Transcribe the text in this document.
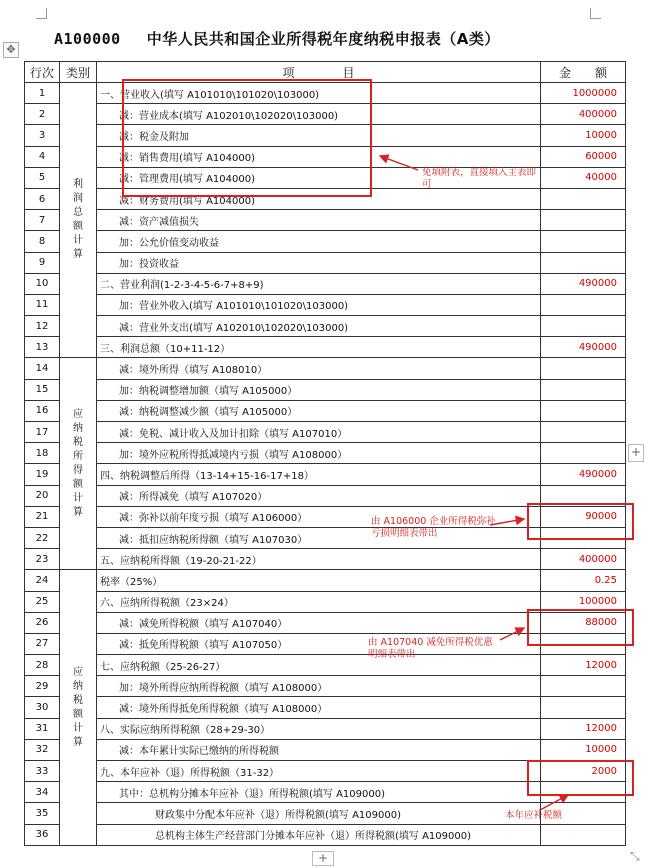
✥
A100000 中华人民共和国企业所得税年度纳税申报表（A类）
行次	类别	项　　　　目	金　　额
1	利润总额计算	一、营业收入(填写 A101010\101020\103000)	1000000
2		减：营业成本(填写 A102010\102020\103000)	400000
3		减：税金及附加	10000
4		减：销售费用(填写 A104000)	60000
5		减：管理费用(填写 A104000)	40000
6		减：财务费用(填写 A104000)	
7		减：资产减值损失	
8		加：公允价值变动收益	
9		加：投资收益	
10		二、营业利润(1-2-3-4-5-6-7+8+9)	490000
11		加：营业外收入(填写 A101010\101020\103000)	
12		减：营业外支出(填写 A102010\102020\103000)	
13		三、利润总额（10+11-12）	490000
14	应纳税所得额计算	减：境外所得（填写 A108010）	
15		加：纳税调整增加额（填写 A105000）	
16		减：纳税调整减少额（填写 A105000）	
17		减：免税、减计收入及加计扣除（填写 A107010）	
18		加：境外应税所得抵减境内亏损（填写 A108000）	
19		四、纳税调整后所得（13-14+15-16-17+18）	490000
20		减：所得减免（填写 A107020）	
21		减：弥补以前年度亏损（填写 A106000）	90000
22		减：抵扣应纳税所得额（填写 A107030）	
23		五、应纳税所得额（19-20-21-22）	400000
24	应纳税额计算	税率（25%）	0.25
25		六、应纳所得税额（23×24）	100000
26		减：减免所得税额（填写 A107040）	88000
27		减：抵免所得税额（填写 A107050）	
28		七、应纳税额（25-26-27）	12000
29		加：境外所得应纳所得税额（填写 A108000）	
30		减：境外所得抵免所得税额（填写 A108000）	
31		八、实际应纳所得税额（28+29-30）	12000
32		减：本年累计实际已缴纳的所得税额	10000
33		九、本年应补（退）所得税额（31-32）	2000
34		其中：总机构分摊本年应补（退）所得税额(填写 A109000)	
35		财政集中分配本年应补（退）所得税额(填写 A109000)	
36		总机构主体生产经营部门分摊本年应补（退）所得税额(填写 A109000)	
免填附表，直接填入主表即可
由 A106000 企业所得税弥补亏损明细表带出
由 A107040 减免所得税优惠明细表带出
本年应补税额
+
+	⤡
